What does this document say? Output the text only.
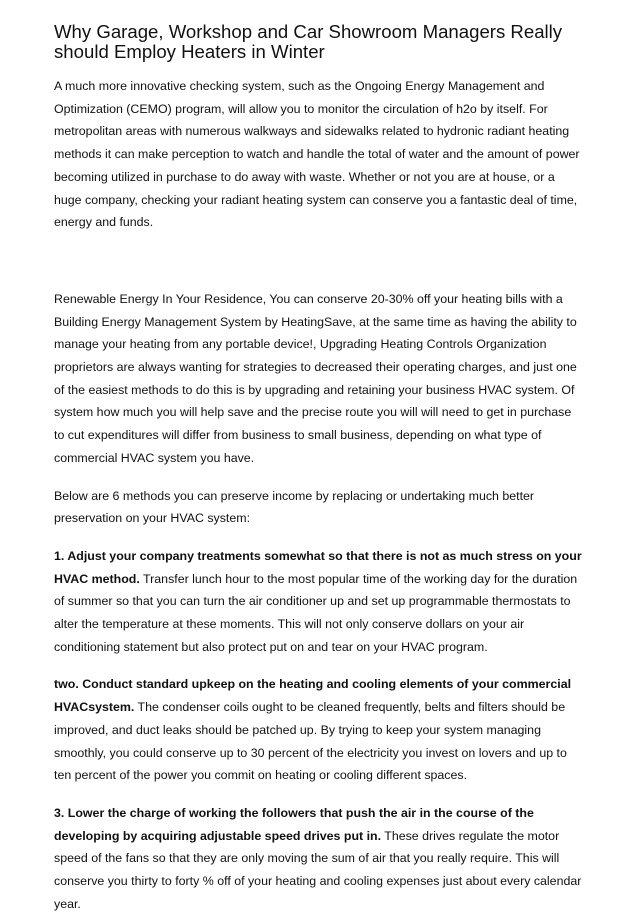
Why Garage, Workshop and Car Showroom Managers Really should Employ Heaters in Winter

A much more innovative checking system, such as the Ongoing Energy Management and Optimization (CEMO) program, will allow you to monitor the circulation of h2o by itself. For metropolitan areas with numerous walkways and sidewalks related to hydronic radiant heating methods it can make perception to watch and handle the total of water and the amount of power becoming utilized in purchase to do away with waste. Whether or not you are at house, or a huge company, checking your radiant heating system can conserve you a fantastic deal of time, energy and funds.

Renewable Energy In Your Residence, You can conserve 20-30% off your heating bills with a Building Energy Management System by HeatingSave, at the same time as having the ability to manage your heating from any portable device!, Upgrading Heating Controls Organization proprietors are always wanting for strategies to decreased their operating charges, and just one of the easiest methods to do this is by upgrading and retaining your business HVAC system. Of system how much you will help save and the precise route you will will need to get in purchase to cut expenditures will differ from business to small business, depending on what type of commercial HVAC system you have.

Below are 6 methods you can preserve income by replacing or undertaking much better preservation on your HVAC system:

1. Adjust your company treatments somewhat so that there is not as much stress on your HVAC method. Transfer lunch hour to the most popular time of the working day for the duration of summer so that you can turn the air conditioner up and set up programmable thermostats to alter the temperature at these moments. This will not only conserve dollars on your air conditioning statement but also protect put on and tear on your HVAC program.

two. Conduct standard upkeep on the heating and cooling elements of your commercial HVACsystem. The condenser coils ought to be cleaned frequently, belts and filters should be improved, and duct leaks should be patched up. By trying to keep your system managing smoothly, you could conserve up to 30 percent of the electricity you invest on lovers and up to ten percent of the power you commit on heating or cooling different spaces.

3. Lower the charge of working the followers that push the air in the course of the developing by acquiring adjustable speed drives put in. These drives regulate the motor speed of the fans so that they are only moving the sum of air that you really require. This will conserve you thirty to forty % off of your heating and cooling expenses just about every calendar year.
